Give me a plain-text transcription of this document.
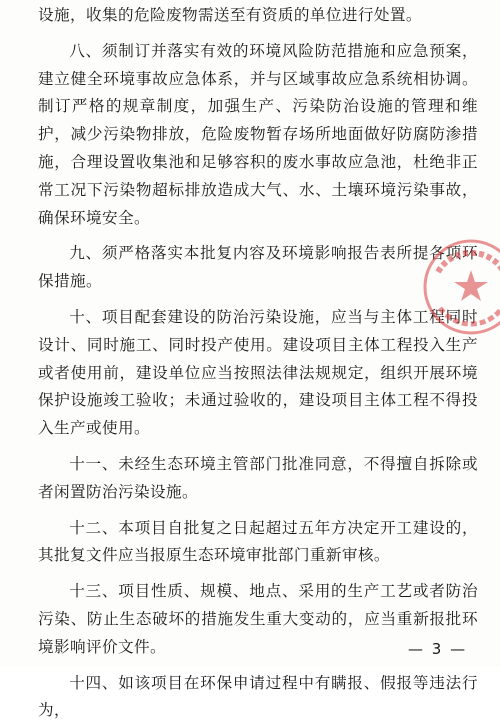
设施，收集的危险废物需送至有资质的单位进行处置。

八、须制订并落实有效的环境风险防范措施和应急预案，建立健全环境事故应急体系，并与区域事故应急系统相协调。制订严格的规章制度，加强生产、污染防治设施的管理和维护，减少污染物排放，危险废物暂存场所地面做好防腐防渗措施，合理设置收集池和足够容积的废水事故应急池，杜绝非正常工况下污染物超标排放造成大气、水、土壤环境污染事故，确保环境安全。

九、须严格落实本批复内容及环境影响报告表所提各项环保措施。

十、项目配套建设的防治污染设施，应当与主体工程同时设计、同时施工、同时投产使用。建设项目主体工程投入生产或者使用前，建设单位应当按照法律法规规定，组织开展环境保护设施竣工验收；未通过验收的，建设项目主体工程不得投入生产或使用。

十一、未经生态环境主管部门批准同意，不得擅自拆除或者闲置防治污染设施。

十二、本项目自批复之日起超过五年方决定开工建设的，其批复文件应当报原生态环境审批部门重新审核。

十三、项目性质、规模、地点、采用的生产工艺或者防治污染、防止生态破坏的措施发生重大变动的，应当重新报批环境影响评价文件。

十四、如该项目在环保申请过程中有瞒报、假报等违法行为，

— 3 —
